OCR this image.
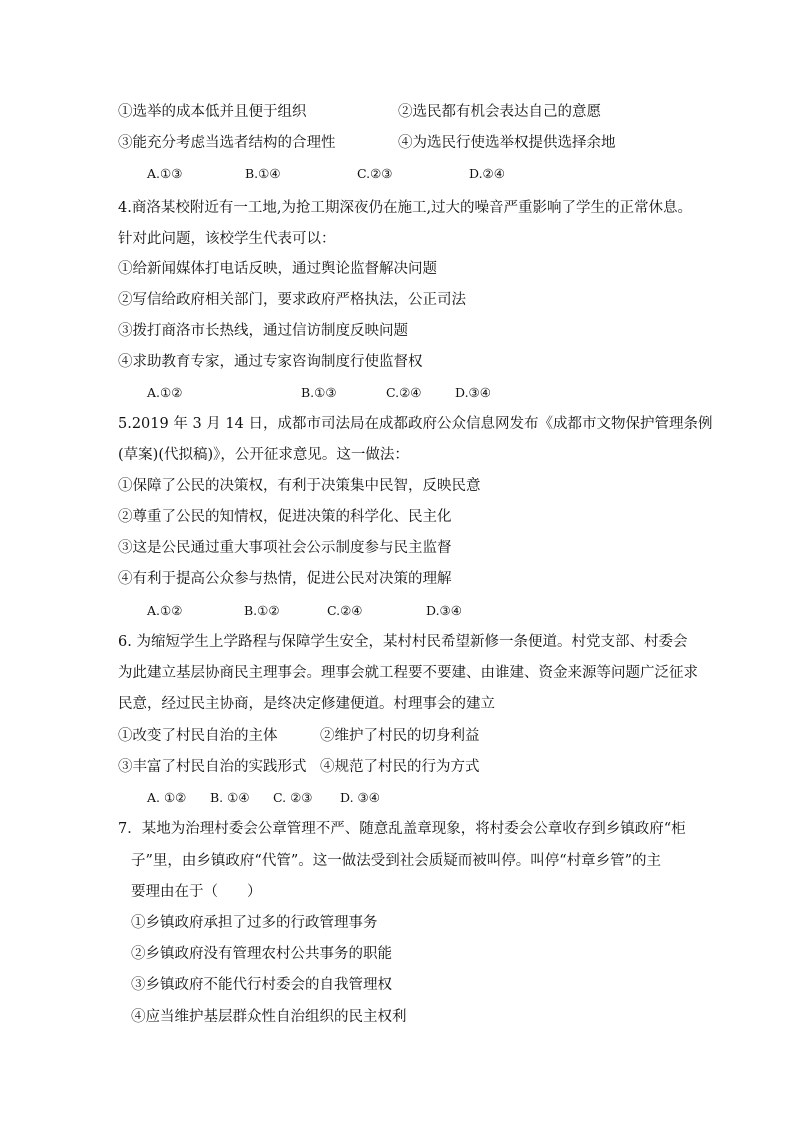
①选举的成本低并且便于组织	②选民都有机会表达自己的意愿
③能充分考虑当选者结构的合理性	④为选民行使选举权提供选择余地
A.①③	B.①④	C.②③	D.②④
4.商洛某校附近有一工地,为抢工期深夜仍在施工,过大的噪音严重影响了学生的正常休息。
针对此问题，该校学生代表可以：
①给新闻媒体打电话反映，通过舆论监督解决问题
②写信给政府相关部门，要求政府严格执法，公正司法
③拨打商洛市长热线，通过信访制度反映问题
④求助教育专家，通过专家咨询制度行使监督权
A.①②	B.①③	C.②④	D.③④
5.2019 年 3 月 14 日，成都市司法局在成都政府公众信息网发布《成都市文物保护管理条例
(草案)(代拟稿)》，公开征求意见。这一做法：
①保障了公民的决策权，有利于决策集中民智，反映民意
②尊重了公民的知情权，促进决策的科学化、民主化
③这是公民通过重大事项社会公示制度参与民主监督
④有利于提高公众参与热情，促进公民对决策的理解
A.①②	B.①②	C.②④	D.③④
6. 为缩短学生上学路程与保障学生安全，某村村民希望新修一条便道。村党支部、村委会
为此建立基层协商民主理事会。理事会就工程要不要建、由谁建、资金来源等问题广泛征求
民意，经过民主协商，是终决定修建便道。村理事会的建立
①改变了村民自治的主体	②维护了村民的切身利益
③丰富了村民自治的实践形式 ④规范了村民的行为方式
A. ①② B. ①④ C. ②③ D. ③④
7．某地为治理村委会公章管理不严、随意乱盖章现象，将村委会公章收存到乡镇政府“柜
子”里，由乡镇政府“代管”。这一做法受到社会质疑而被叫停。叫停“村章乡管”的主
要理由在于（　　）
①乡镇政府承担了过多的行政管理事务
②乡镇政府没有管理农村公共事务的职能
③乡镇政府不能代行村委会的自我管理权
④应当维护基层群众性自治组织的民主权利
